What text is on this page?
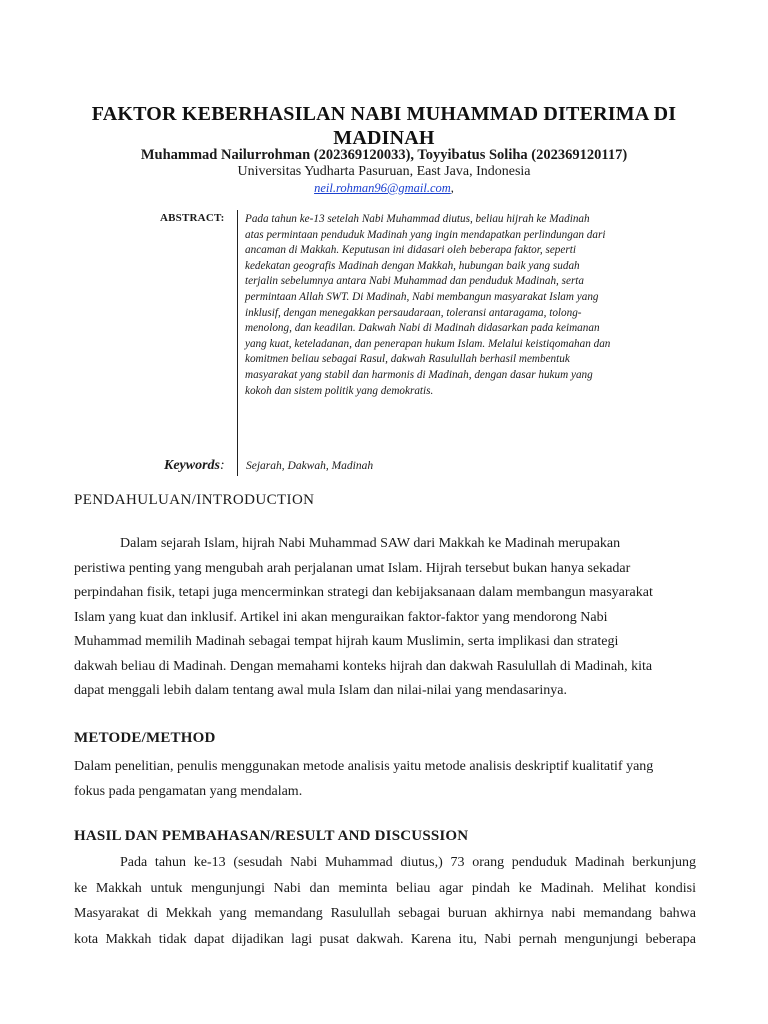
FAKTOR KEBERHASILAN NABI MUHAMMAD DITERIMA DI
MADINAH
Muhammad Nailurrohman (202369120033), Toyyibatus Soliha (202369120117)
Universitas Yudharta Pasuruan, East Java, Indonesia
neil.rohman96@gmail.com,
ABSTRACT: Pada tahun ke-13 setelah Nabi Muhammad diutus, beliau hijrah ke Madinah
atas permintaan penduduk Madinah yang ingin mendapatkan perlindungan dari
ancaman di Makkah. Keputusan ini didasari oleh beberapa faktor, seperti
kedekatan geografis Madinah dengan Makkah, hubungan baik yang sudah
terjalin sebelumnya antara Nabi Muhammad dan penduduk Madinah, serta
permintaan Allah SWT. Di Madinah, Nabi membangun masyarakat Islam yang
inklusif, dengan menegakkan persaudaraan, toleransi antaragama, tolong-
menolong, dan keadilan. Dakwah Nabi di Madinah didasarkan pada keimanan
yang kuat, keteladanan, dan penerapan hukum Islam. Melalui keistiqomahan dan
komitmen beliau sebagai Rasul, dakwah Rasulullah berhasil membentuk
masyarakat yang stabil dan harmonis di Madinah, dengan dasar hukum yang
kokoh dan sistem politik yang demokratis.
Keywords: Sejarah, Dakwah, Madinah
PENDAHULUAN/INTRODUCTION
Dalam sejarah Islam, hijrah Nabi Muhammad SAW dari Makkah ke Madinah merupakan
peristiwa penting yang mengubah arah perjalanan umat Islam. Hijrah tersebut bukan hanya sekadar
perpindahan fisik, tetapi juga mencerminkan strategi dan kebijaksanaan dalam membangun masyarakat
Islam yang kuat dan inklusif. Artikel ini akan menguraikan faktor-faktor yang mendorong Nabi
Muhammad memilih Madinah sebagai tempat hijrah kaum Muslimin, serta implikasi dan strategi
dakwah beliau di Madinah. Dengan memahami konteks hijrah dan dakwah Rasulullah di Madinah, kita
dapat menggali lebih dalam tentang awal mula Islam dan nilai-nilai yang mendasarinya.
METODE/METHOD
Dalam penelitian, penulis menggunakan metode analisis yaitu metode analisis deskriptif kualitatif yang
fokus pada pengamatan yang mendalam.
HASIL DAN PEMBAHASAN/RESULT AND DISCUSSION
Pada tahun ke-13 (sesudah Nabi Muhammad diutus,) 73 orang penduduk Madinah berkunjung
ke Makkah untuk mengunjungi Nabi dan meminta beliau agar pindah ke Madinah. Melihat kondisi
Masyarakat di Mekkah yang memandang Rasulullah sebagai buruan akhirnya nabi memandang bahwa
kota Makkah tidak dapat dijadikan lagi pusat dakwah. Karena itu, Nabi pernah mengunjungi beberapa
